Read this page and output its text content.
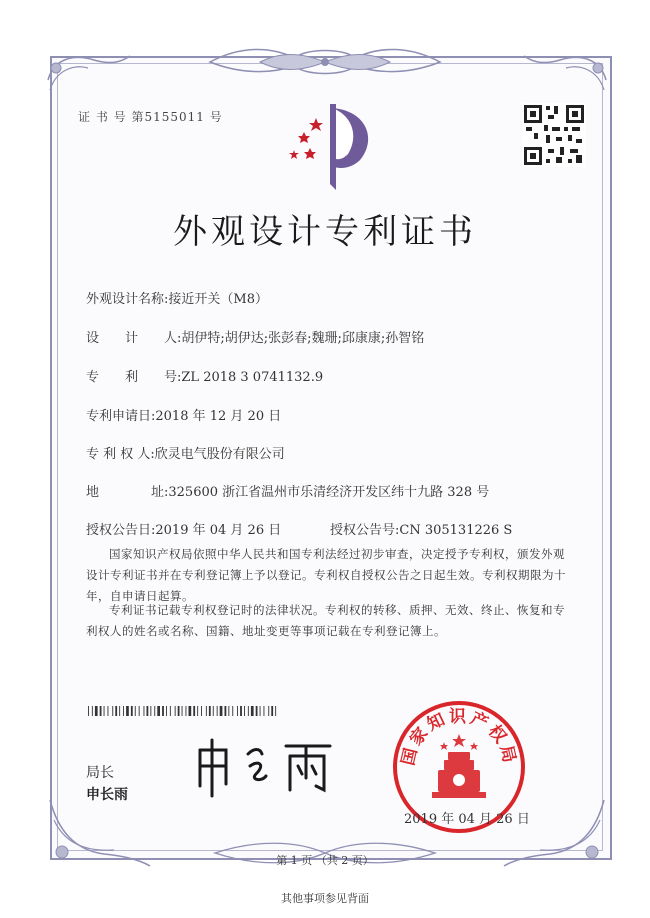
证 书 号 第5155011 号
外观设计专利证书
外观设计名称:接近开关（M8）
设　　计　　人:胡伊特;胡伊达;张彭春;魏珊;邱康康;孙智铭
专　　利　　号:ZL 2018 3 0741132.9
专利申请日:2018 年 12 月 20 日
专 利 权 人:欣灵电气股份有限公司
地　　　　址:325600 浙江省温州市乐清经济开发区纬十九路 328 号
授权公告日:2019 年 04 月 26 日	授权公告号:CN 305131226 S
国家知识产权局依照中华人民共和国专利法经过初步审查，决定授予专利权，颁发外观设计专利证书并在专利登记簿上予以登记。专利权自授权公告之日起生效。专利权期限为十年，自申请日起算。
专利证书记载专利权登记时的法律状况。专利权的转移、质押、无效、终止、恢复和专利权人的姓名或名称、国籍、地址变更等事项记载在专利登记簿上。
局长
申长雨
国家知识产权局
2019 年 04 月 26 日
第 1 页 （共 2 页）
其他事项参见背面
